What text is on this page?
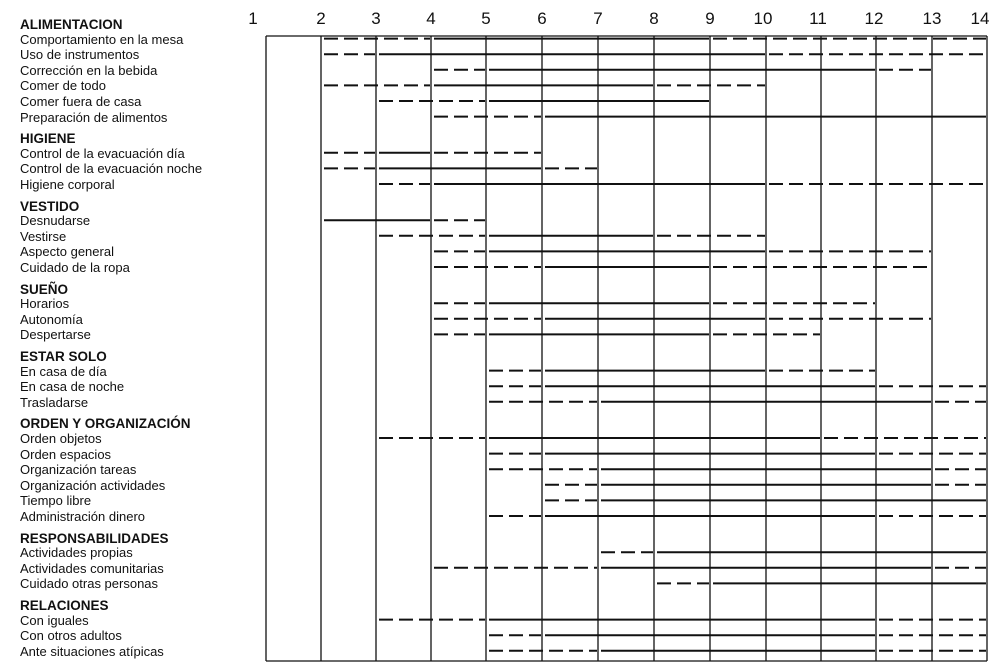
ALIMENTACION
Comportamiento en la mesa
Uso de instrumentos
Corrección en la bebida
Comer de todo
Comer fuera de casa
Preparación de alimentos
HIGIENE
Control de la evacuación día
Control de la evacuación noche
Higiene corporal
VESTIDO
Desnudarse
Vestirse
Aspecto general
Cuidado de la ropa
SUEÑO
Horarios
Autonomía
Despertarse
ESTAR SOLO
En casa de día
En casa de noche
Trasladarse
ORDEN Y ORGANIZACIÓN
Orden objetos
Orden espacios
Organización tareas
Organización actividades
Tiempo libre
Administración dinero
RESPONSABILIDADES
Actividades propias
Actividades comunitarias
Cuidado otras personas
RELACIONES
Con iguales
Con otros adultos
Ante situaciones atípicas
1	2	3	4	5	6	7	8	9 10 11 12 13 14
